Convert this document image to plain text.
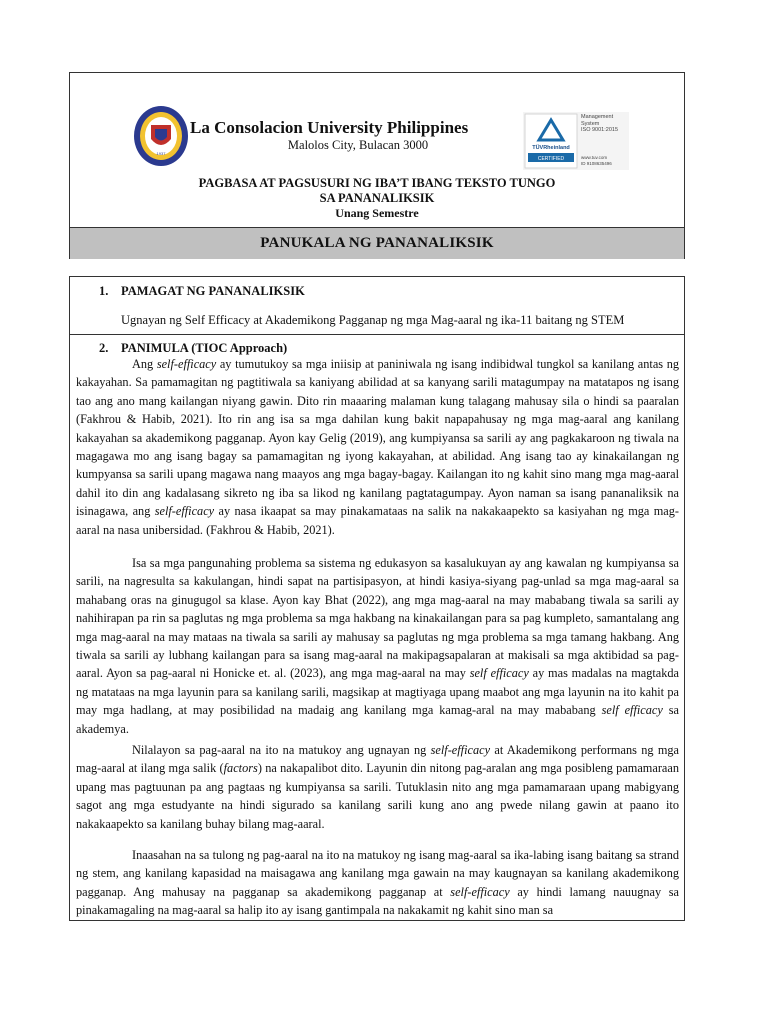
1937
La Consolacion University Philippines
Malolos City, Bulacan 3000	TÜVRheinland
CERTIFIED
Management
System
ISO 9001:2015
www.tuv.com
ID 9108635496
PAGBASA AT PAGSUSURI NG IBA’T IBANG TEKSTO TUNGO
SA PANANALIKSIK
Unang Semestre
PANUKALA NG PANANALIKSIK
1. PAMAGAT NG PANANALIKSIK
Ugnayan ng Self Efficacy at Akademikong Pagganap ng mga Mag-aaral ng ika-11 baitang ng STEM
2. PANIMULA (TIOC Approach)

Ang self-efficacy ay tumutukoy sa mga iniisip at paniniwala ng isang indibidwal tungkol sa kanilang antas ng kakayahan. Sa pamamagitan ng pagtitiwala sa kaniyang abilidad at sa kanyang sarili matagumpay na matatapos ng isang tao ang ano mang kailangan niyang gawin. Dito rin maaaring malaman kung talagang mahusay sila o hindi sa paaralan (Fakhrou & Habib, 2021). Ito rin ang isa sa mga dahilan kung bakit napapahusay ng mga mag-aaral ang kanilang kakayahan sa akademikong pagganap. Ayon kay Gelig (2019), ang kumpiyansa sa sarili ay ang pagkakaroon ng tiwala na magagawa mo ang isang bagay sa pamamagitan ng iyong kakayahan, at abilidad. Ang isang tao ay kinakailangan ng kumpyansa sa sarili upang magawa nang maayos ang mga bagay-bagay. Kailangan ito ng kahit sino mang mga mag-aaral dahil ito din ang kadalasang sikreto ng iba sa likod ng kanilang pagtatagumpay. Ayon naman sa isang pananaliksik na isinagawa, ang self-efficacy ay nasa ikaapat sa may pinakamataas na salik na nakakaapekto sa kasiyahan ng mga mag-aaral na nasa unibersidad. (Fakhrou & Habib, 2021).

Isa sa mga pangunahing problema sa sistema ng edukasyon sa kasalukuyan ay ang kawalan ng kumpiyansa sa sarili, na nagresulta sa kakulangan, hindi sapat na partisipasyon, at hindi kasiya-siyang pag-unlad sa mga mag-aaral sa mahabang oras na ginugugol sa klase. Ayon kay Bhat (2022), ang mga mag-aaral na may mababang tiwala sa sarili ay nahihirapan pa rin sa paglutas ng mga problema sa mga hakbang na kinakailangan para sa pag kumpleto, samantalang ang mga mag-aaral na may mataas na tiwala sa sarili ay mahusay sa paglutas ng mga problema sa mga tamang hakbang. Ang tiwala sa sarili ay lubhang kailangan para sa isang mag-aaral na makipagsapalaran at makisali sa mga aktibidad sa pag-aaral. Ayon sa pag-aaral ni Honicke et. al. (2023), ang mga mag-aaral na may self efficacy ay mas madalas na magtakda ng matataas na mga layunin para sa kanilang sarili, magsikap at magtiyaga upang maabot ang mga layunin na ito kahit pa may mga hadlang, at may posibilidad na madaig ang kanilang mga kamag-aral na may mababang self efficacy sa akademya.

Nilalayon sa pag-aaral na ito na matukoy ang ugnayan ng self-efficacy at Akademikong performans ng mga mag-aaral at ilang mga salik (factors) na nakapalibot dito. Layunin din nitong pag-aralan ang mga posibleng pamamaraan upang mas pagtuunan pa ang pagtaas ng kumpiyansa sa sarili. Tutuklasin nito ang mga pamamaraan upang mabigyang sagot ang mga estudyante na hindi sigurado sa kanilang sarili kung ano ang pwede nilang gawin at paano ito nakakaapekto sa kanilang buhay bilang mag-aaral.

Inaasahan na sa tulong ng pag-aaral na ito na matukoy ng isang mag-aaral sa ika-labing isang baitang sa strand ng stem, ang kanilang kapasidad na maisagawa ang kanilang mga gawain na may kaugnayan sa kanilang akademikong pagganap. Ang mahusay na pagganap sa akademikong pagganap at self-efficacy ay hindi lamang nauugnay sa pinakamagaling na mag-aaral sa halip ito ay isang gantimpala na nakakamit ng kahit sino man sa
